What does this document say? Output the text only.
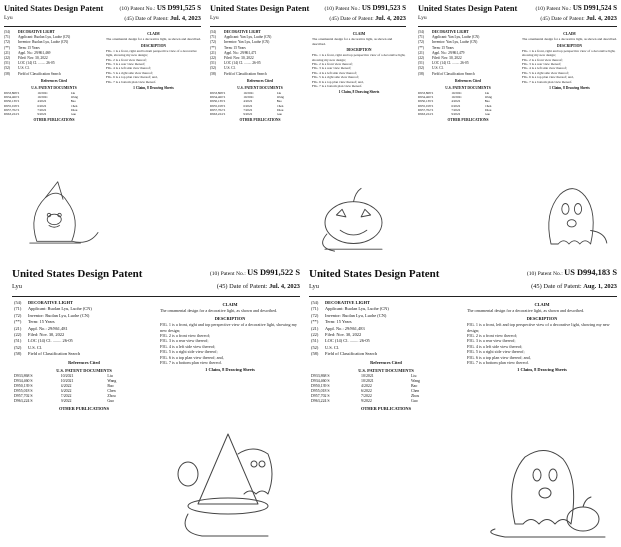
United States Design Patent
Lyu
(10) Patent No.: US D991,525 S
(45) Date of Patent: Jul. 4, 2023
(54) DECORATIVE LIGHT
(71) Applicant: Ruolan Lyu, Luohe (CN)
(72) Inventor: Ruolan Lyu, Luohe (CN)
(**) Term: 15 Years
(21) Appl. No.: 29/861,469
(22) Filed: Nov. 30, 2022
(51) LOC (14) Cl. ........ 26-05
(52) U.S. Cl.
(58) Field of Classification Search
References Cited
U.S. PATENT DOCUMENTS
D933,868 S	10/2021	Liu
D934,460 S	10/2021	Wang
D950,139 S	4/2022	Bao
D955,018 S	6/2022	Chen
D957,702 S	7/2022	Zhou
D963,224 S	9/2022	Guo
OTHER PUBLICATIONS
CLAIM
The ornamental design for a decorative light, as shown and described.
DESCRIPTION
FIG. 1 is a front, right and bottom perspective view of a decorative light, showing my new design;
FIG. 2 is a front view thereof;
FIG. 3 is a rear view thereof;
FIG. 4 is a left side view thereof;
FIG. 5 is a right side view thereof;
FIG. 6 is a top plan view thereof; and,
FIG. 7 is a bottom plan view thereof.
1 Claim, 8 Drawing Sheets
United States Design Patent
Lyu
(10) Patent No.: US D991,523 S
(45) Date of Patent: Jul. 4, 2023
(54) DECORATIVE LIGHT
(71) Applicant: Yan Lyu, Luohe (CN)
(72) Inventor: Yan Lyu, Luohe (CN)
(**) Term: 15 Years
(21) Appl. No.: 29/861,471
(22) Filed: Nov. 30, 2022
(51) LOC (14) Cl. ........ 26-05
(52) U.S. Cl.
(58) Field of Classification Search
References Cited
U.S. PATENT DOCUMENTS
D933,868 S	10/2021	Liu
D934,460 S	10/2021	Wang
D950,139 S	4/2022	Bao
D955,018 S	6/2022	Chen
D957,702 S	7/2022	Zhou
D963,224 S	9/2022	Guo
OTHER PUBLICATIONS
CLAIM
The ornamental design for a decorative light, as shown and described.
DESCRIPTION
FIG. 1 is a front, right and top perspective view of a decorative light, showing my new design;
FIG. 2 is a front view thereof;
FIG. 3 is a rear view thereof;
FIG. 4 is a left side view thereof;
FIG. 5 is a right side view thereof;
FIG. 6 is a top plan view thereof; and,
FIG. 7 is a bottom plan view thereof.
1 Claim, 8 Drawing Sheets
United States Design Patent
Lyu
(10) Patent No.: US D991,524 S
(45) Date of Patent: Jul. 4, 2023
(54) DECORATIVE LIGHT
(71) Applicant: Yan Lyu, Luohe (CN)
(72) Inventor: Yan Lyu, Luohe (CN)
(**) Term: 15 Years
(21) Appl. No.: 29/861,479
(22) Filed: Nov. 30, 2022
(51) LOC (14) Cl. ........ 26-05
(52) U.S. Cl.
(58) Field of Classification Search
References Cited
U.S. PATENT DOCUMENTS
D933,868 S	10/2021	Liu
D934,460 S	10/2021	Wang
D950,139 S	4/2022	Bao
D955,018 S	6/2022	Chen
D957,702 S	7/2022	Zhou
D963,224 S	9/2022	Guo
OTHER PUBLICATIONS
CLAIM
The ornamental design for a decorative light, as shown and described.
DESCRIPTION
FIG. 1 is a front, right and top perspective view of a decorative light, showing my new design;
FIG. 2 is a front view thereof;
FIG. 3 is a rear view thereof;
FIG. 4 is a left side view thereof;
FIG. 5 is a right side view thereof;
FIG. 6 is a top plan view thereof; and,
FIG. 7 is a bottom plan view thereof.
1 Claim, 8 Drawing Sheets
United States Design Patent
Lyu
(10) Patent No.: US D991,522 S
(45) Date of Patent: Jul. 4, 2023
(54) DECORATIVE LIGHT
(71) Applicant: Ruolan Lyu, Luohe (CN)
(72) Inventor: Ruolan Lyu, Luohe (CN)
(**) Term: 15 Years
(21) Appl. No.: 29/861,481
(22) Filed: Nov. 30, 2022
(51) LOC (14) Cl. ........ 26-05
(52) U.S. Cl.
(58) Field of Classification Search
References Cited
U.S. PATENT DOCUMENTS
D933,868 S	10/2021	Liu
D934,460 S	10/2021	Wang
D950,139 S	4/2022	Bao
D955,018 S	6/2022	Chen
D957,702 S	7/2022	Zhou
D963,224 S	9/2022	Guo
OTHER PUBLICATIONS
CLAIM
The ornamental design for a decorative light, as shown and described.
DESCRIPTION
FIG. 1 is a front, right and top perspective view of a decorative light, showing my new design;
FIG. 2 is a front view thereof;
FIG. 3 is a rear view thereof;
FIG. 4 is a left side view thereof;
FIG. 5 is a right side view thereof;
FIG. 6 is a top plan view thereof; and,
FIG. 7 is a bottom plan view thereof.
1 Claim, 8 Drawing Sheets
United States Design Patent
Lyu
(10) Patent No.: US D994,183 S
(45) Date of Patent: Aug. 1, 2023
(54) DECORATIVE LIGHT
(71) Applicant: Ruolan Lyu, Luohe (CN)
(72) Inventor: Ruolan Lyu, Luohe (CN)
(**) Term: 15 Years
(21) Appl. No.: 29/861,483
(22) Filed: Nov. 30, 2022
(51) LOC (14) Cl. ........ 26-05
(52) U.S. Cl.
(58) Field of Classification Search
References Cited
U.S. PATENT DOCUMENTS
D933,868 S	10/2021	Liu
D934,460 S	10/2021	Wang
D950,139 S	4/2022	Bao
D955,018 S	6/2022	Chen
D957,702 S	7/2022	Zhou
D963,224 S	9/2022	Guo
OTHER PUBLICATIONS
CLAIM
The ornamental design for a decorative light, as shown and described.
DESCRIPTION
FIG. 1 is a front, left and top perspective view of a decorative light, showing my new design;
FIG. 2 is a front view thereof;
FIG. 3 is a rear view thereof;
FIG. 4 is a left side view thereof;
FIG. 5 is a right side view thereof;
FIG. 6 is a top plan view thereof; and,
FIG. 7 is a bottom plan view thereof.
1 Claim, 8 Drawing Sheets
